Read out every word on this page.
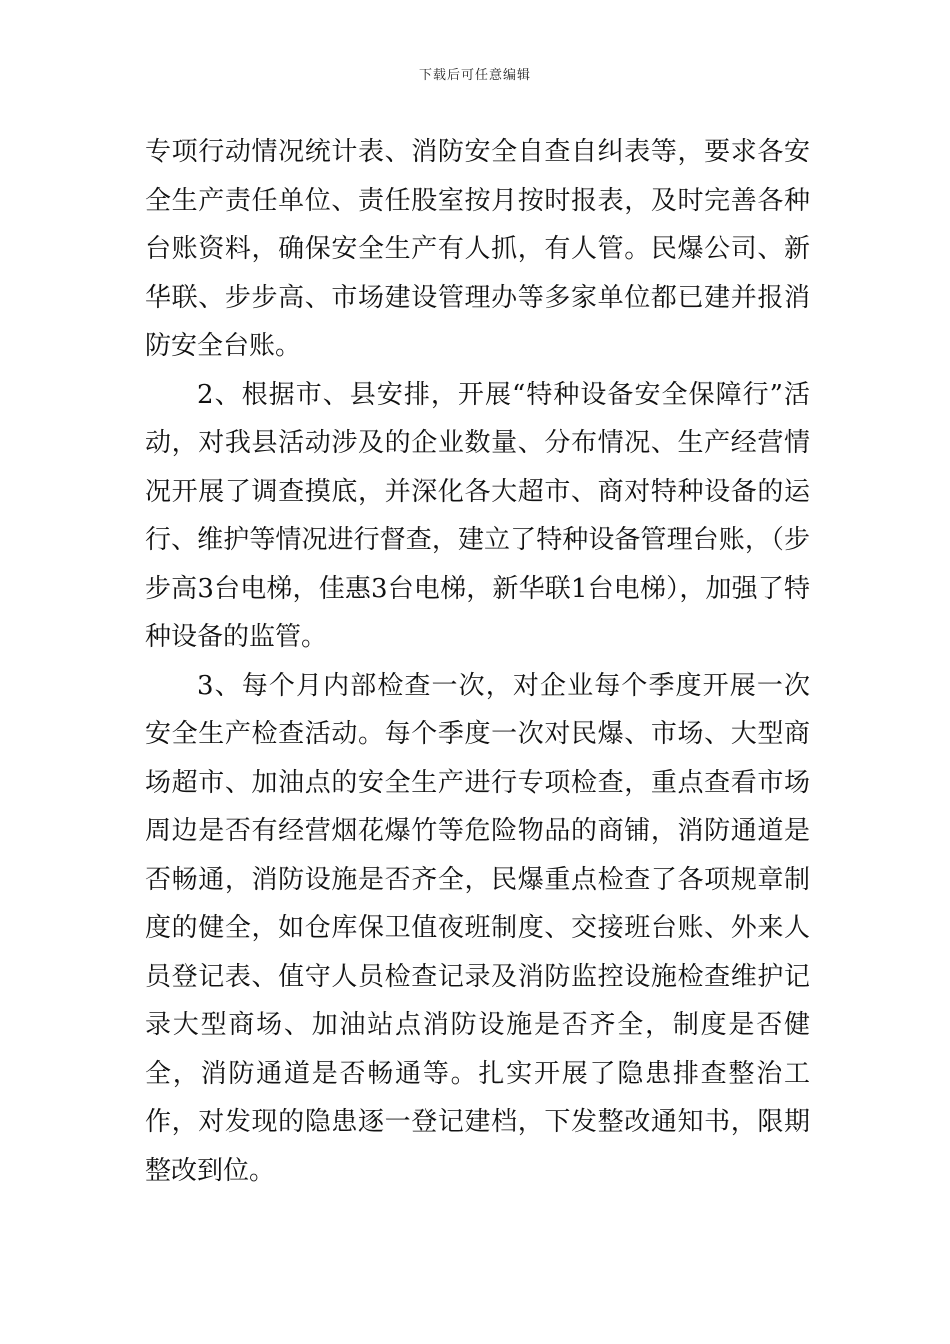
下载后可任意编辑

专项行动情况统计表、消防安全自查自纠表等，要求各安全生产责任单位、责任股室按月按时报表，及时完善各种台账资料，确保安全生产有人抓，有人管。民爆公司、新华联、步步高、市场建设管理办等多家单位都已建并报消防安全台账。

2、根据市、县安排，开展“特种设备安全保障行”活动，对我县活动涉及的企业数量、分布情况、生产经营情况开展了调查摸底，并深化各大超市、商对特种设备的运行、维护等情况进行督查，建立了特种设备管理台账，（步步高3台电梯，佳惠3台电梯，新华联1台电梯），加强了特种设备的监管。

3、每个月内部检查一次，对企业每个季度开展一次安全生产检查活动。每个季度一次对民爆、市场、大型商场超市、加油点的安全生产进行专项检查，重点查看市场周边是否有经营烟花爆竹等危险物品的商铺，消防通道是否畅通，消防设施是否齐全，民爆重点检查了各项规章制度的健全，如仓库保卫值夜班制度、交接班台账、外来人员登记表、值守人员检查记录及消防监控设施检查维护记录大型商场、加油站点消防设施是否齐全，制度是否健全，消防通道是否畅通等。扎实开展了隐患排查整治工作，对发现的隐患逐一登记建档，下发整改通知书，限期整改到位。
